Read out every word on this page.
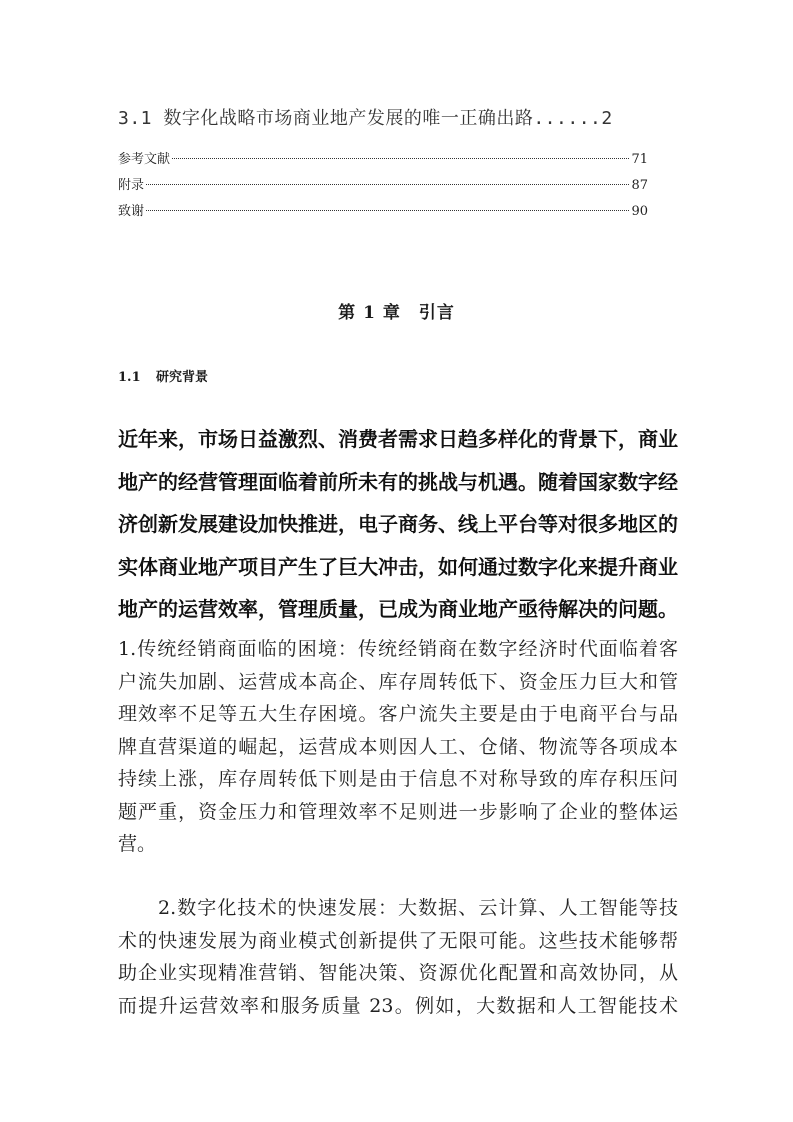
3.1 数字化战略市场商业地产发展的唯一正确出路......2
参考文献	71
附录	87
致谢	90
第 1 章 引言
1.1 研究背景
近年来，市场日益激烈、消费者需求日趋多样化的背景下，商业
地产的经营管理面临着前所未有的挑战与机遇。随着国家数字经
济创新发展建设加快推进，电子商务、线上平台等对很多地区的
实体商业地产项目产生了巨大冲击，如何通过数字化来提升商业
地产的运营效率，管理质量，已成为商业地产亟待解决的问题。
1.传统经销商面临的困境：传统经销商在数字经济时代面临着客
户流失加剧、运营成本高企、库存周转低下、资金压力巨大和管
理效率不足等五大生存困境。客户流失主要是由于电商平台与品
牌直营渠道的崛起，运营成本则因人工、仓储、物流等各项成本
持续上涨，库存周转低下则是由于信息不对称导致的库存积压问
题严重，资金压力和管理效率不足则进一步影响了企业的整体运
营。
2.数字化技术的快速发展：大数据、云计算、人工智能等技
术的快速发展为商业模式创新提供了无限可能。这些技术能够帮
助企业实现精准营销、智能决策、资源优化配置和高效协同，从
而提升运营效率和服务质量 23。例如，大数据和人工智能技术
